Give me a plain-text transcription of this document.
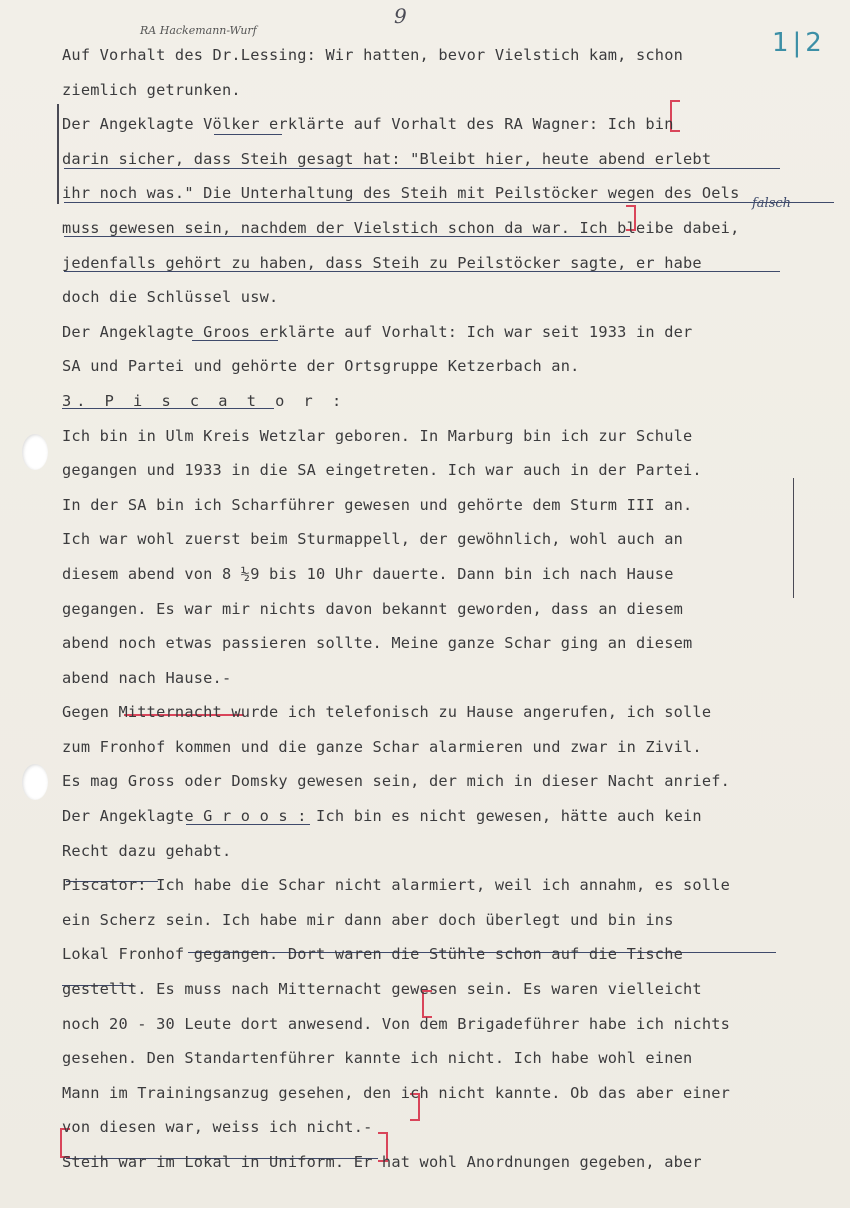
9
1|2
RA Hackemann-Wurf
falsch
Auf Vorhalt des Dr.Lessing: Wir hatten, bevor Vielstich kam, schon
ziemlich getrunken.
Der Angeklagte Völker erklärte auf Vorhalt des RA Wagner: Ich bin
darin sicher, dass Steih gesagt hat: "Bleibt hier, heute abend erlebt
ihr noch was." Die Unterhaltung des Steih mit Peilstöcker wegen des Oels
muss gewesen sein, nachdem der Vielstich schon da war. Ich bleibe dabei,
jedenfalls gehört zu haben, dass Steih zu Peilstöcker sagte, er habe
doch die Schlüssel usw.
Der Angeklagte Groos erklärte auf Vorhalt: Ich war seit 1933 in der
SA und Partei und gehörte der Ortsgruppe Ketzerbach an.
3. P i s c a t o r :
Ich bin in Ulm Kreis Wetzlar geboren. In Marburg bin ich zur Schule
gegangen und 1933 in die SA eingetreten. Ich war auch in der Partei.
In der SA bin ich Scharführer gewesen und gehörte dem Sturm III an.
Ich war wohl zuerst beim Sturmappell, der gewöhnlich, wohl auch an
diesem abend von 8 ½9 bis 10 Uhr dauerte. Dann bin ich nach Hause
gegangen. Es war mir nichts davon bekannt geworden, dass an diesem
abend noch etwas passieren sollte. Meine ganze Schar ging an diesem
abend nach Hause.-
Gegen Mitternacht wurde ich telefonisch zu Hause angerufen, ich solle
zum Fronhof kommen und die ganze Schar alarmieren und zwar in Zivil.
Es mag Gross oder Domsky gewesen sein, der mich in dieser Nacht anrief.
Der Angeklagte G r o o s : Ich bin es nicht gewesen, hätte auch kein
Recht dazu gehabt.
Piscator: Ich habe die Schar nicht alarmiert, weil ich annahm, es solle
ein Scherz sein. Ich habe mir dann aber doch überlegt und bin ins
Lokal Fronhof gegangen. Dort waren die Stühle schon auf die Tische
gestellt. Es muss nach Mitternacht gewesen sein. Es waren vielleicht
noch 20 - 30 Leute dort anwesend. Von dem Brigadeführer habe ich nichts
gesehen. Den Standartenführer kannte ich nicht. Ich habe wohl einen
Mann im Trainingsanzug gesehen, den ich nicht kannte. Ob das aber einer
von diesen war, weiss ich nicht.-
Steih war im Lokal in Uniform. Er hat wohl Anordnungen gegeben, aber
